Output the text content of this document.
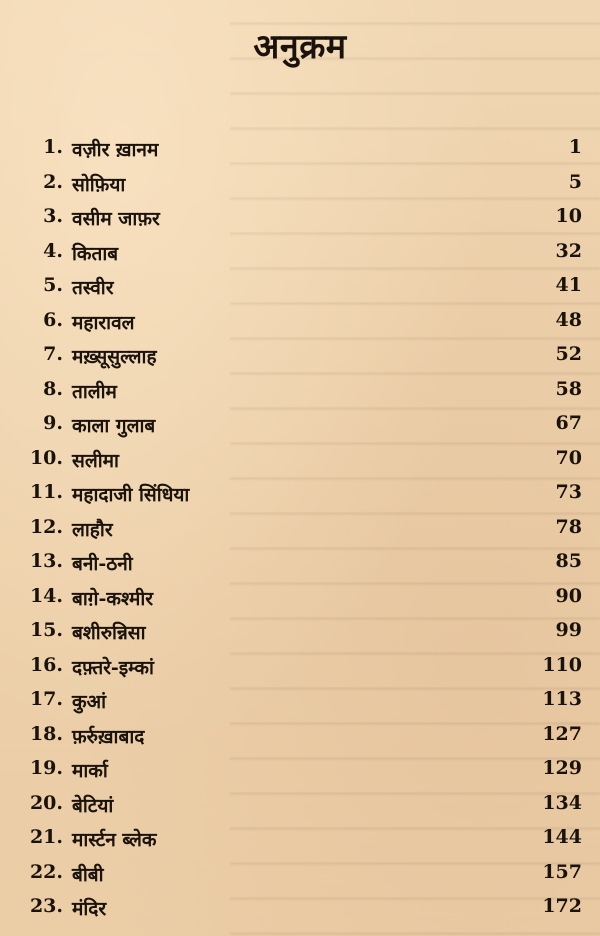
अनुक्रम
1. वज़ीर ख़ानम	1
2. सोफ़िया	5
3. वसीम जाफ़र	10
4. किताब	32
5. तस्वीर	41
6. महारावल	48
7. मख़्सूसुल्लाह	52
8. तालीम	58
9. काला गुलाब	67
10. सलीमा	70
11. महादाजी सिंधिया	73
12. लाहौर	78
13. बनी-ठनी	85
14. बाग़े-कश्मीर	90
15. बशीरुन्निसा	99
16. दफ़्तरे-इम्कां	110
17. कुआं	113
18. फ़र्रुख़ाबाद	127
19. मार्का	129
20. बेटियां	134
21. मार्स्टन ब्लेक	144
22. बीबी	157
23. मंदिर	172
